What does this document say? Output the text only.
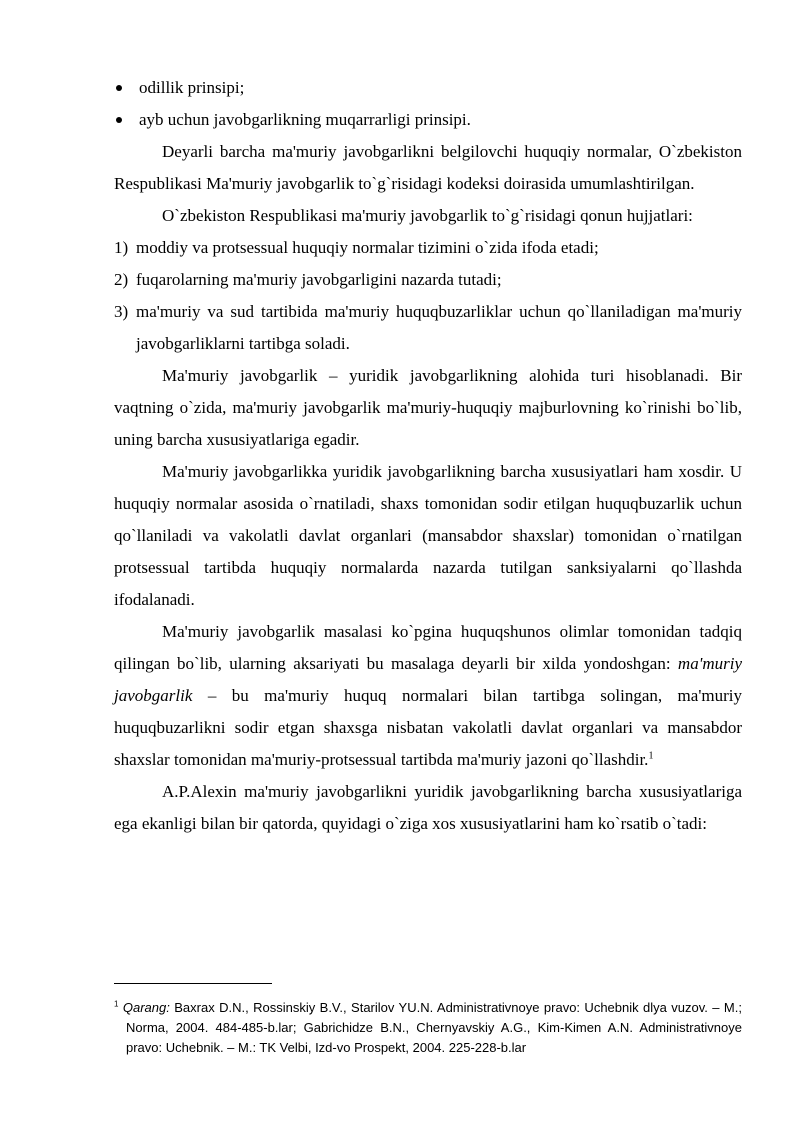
odillik prinsipi;
ayb uchun javobgarlikning muqarrarligi prinsipi.

Deyarli barcha ma'muriy javobgarlikni belgilovchi huquqiy normalar, O`zbekiston Respublikasi Ma'muriy javobgarlik to`g`risidagi kodeksi doirasida umumlashtirilgan.

O`zbekiston Respublikasi ma'muriy javobgarlik to`g`risidagi qonun hujjatlari:

1) moddiy va protsessual huquqiy normalar tizimini o`zida ifoda etadi;
2) fuqarolarning ma'muriy javobgarligini nazarda tutadi;
3) ma'muriy va sud tartibida ma'muriy huquqbuzarliklar uchun qo`llaniladigan ma'muriy javobgarliklarni tartibga soladi.

Ma'muriy javobgarlik – yuridik javobgarlikning alohida turi hisoblanadi. Bir vaqtning o`zida, ma'muriy javobgarlik ma'muriy-huquqiy majburlovning ko`rinishi bo`lib, uning barcha xususiyatlariga egadir.

Ma'muriy javobgarlikka yuridik javobgarlikning barcha xususiyatlari ham xosdir. U huquqiy normalar asosida o`rnatiladi, shaxs tomonidan sodir etilgan huquqbuzarlik uchun qo`llaniladi va vakolatli davlat organlari (mansabdor shaxslar) tomonidan o`rnatilgan protsessual tartibda huquqiy normalarda nazarda tutilgan sanksiyalarni qo`llashda ifodalanadi.

Ma'muriy javobgarlik masalasi ko`pgina huquqshunos olimlar tomonidan tadqiq qilingan bo`lib, ularning aksariyati bu masalaga deyarli bir xilda yondoshgan: ma'muriy javobgarlik – bu ma'muriy huquq normalari bilan tartibga solingan, ma'muriy huquqbuzarlikni sodir etgan shaxsga nisbatan vakolatli davlat organlari va mansabdor shaxslar tomonidan ma'muriy-protsessual tartibda ma'muriy jazoni qo`llashdir.$^1$

A.P.Alexin ma'muriy javobgarlikni yuridik javobgarlikning barcha xususiyatlariga ega ekanligi bilan bir qatorda, quyidagi o`ziga xos xususiyatlarini ham ko`rsatib o`tadi:

$^1$ Qarang: Baxrax D.N., Rossinskiy B.V., Starilov YU.N. Administrativnoye pravo: Uchebnik dlya vuzov. – M.; Norma, 2004. 484-485-b.lar; Gabrichidze B.N., Chernyavskiy A.G., Kim-Kimen A.N. Administrativnoye pravo: Uchebnik. – M.: TK Velbi, Izd-vo Prospekt, 2004. 225-228-b.lar
